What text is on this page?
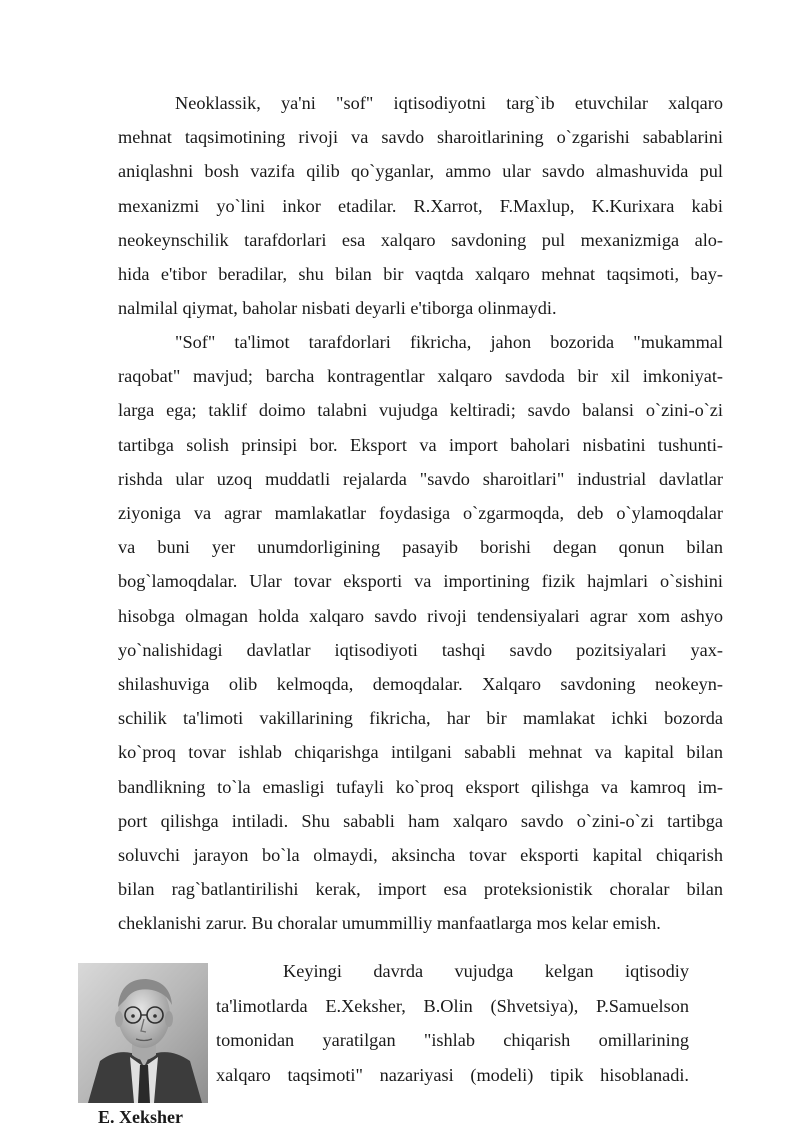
Neoklassik, ya'ni "sof" iqtisodiyotni targ`ib etuvchilar xalqaro
mehnat taqsimotining rivoji va savdo sharoitlarining o`zgarishi sabablarini
aniqlashni bosh vazifa qilib qo`yganlar, ammo ular savdo almashuvida pul
mexanizmi yo`lini inkor etadilar. R.Xarrot, F.Maxlup, K.Kurixara kabi
neokeynschilik tarafdorlari esa xalqaro savdoning pul mexanizmiga alo-
hida e'tibor beradilar, shu bilan bir vaqtda xalqaro mehnat taqsimoti, bay-
nalmilal qiymat, baholar nisbati deyarli e'tiborga olinmaydi.
"Sof" ta'limot tarafdorlari fikricha, jahon bozorida "mukammal
raqobat" mavjud; barcha kontragentlar xalqaro savdoda bir xil imkoniyat-
larga ega; taklif doimo talabni vujudga keltiradi; savdo balansi o`zini-o`zi
tartibga solish prinsipi bor. Eksport va import baholari nisbatini tushunti-
rishda ular uzoq muddatli rejalarda "savdo sharoitlari" industrial davlatlar
ziyoniga va agrar mamlakatlar foydasiga o`zgarmoqda, deb o`ylamoqdalar
va buni yer unumdorligining pasayib borishi degan qonun bilan
bog`lamoqdalar. Ular tovar eksporti va importining fizik hajmlari o`sishini
hisobga olmagan holda xalqaro savdo rivoji tendensiyalari agrar xom ashyo
yo`nalishidagi davlatlar iqtisodiyoti tashqi savdo pozitsiyalari yax-
shilashuviga olib kelmoqda, demoqdalar. Xalqaro savdoning neokeyn-
schilik ta'limoti vakillarining fikricha, har bir mamlakat ichki bozorda
ko`proq tovar ishlab chiqarishga intilgani sababli mehnat va kapital bilan
bandlikning to`la emasligi tufayli ko`proq eksport qilishga va kamroq im-
port qilishga intiladi. Shu sababli ham xalqaro savdo o`zini-o`zi tartibga
soluvchi jarayon bo`la olmaydi, aksincha tovar eksporti kapital chiqarish
bilan rag`batlantirilishi kerak, import esa proteksionistik choralar bilan
cheklanishi zarur. Bu choralar umummilliy manfaatlarga mos kelar emish.
Keyingi davrda vujudga kelgan iqtisodiy
ta'limotlarda E.Xeksher, B.Olin (Shvetsiya), P.Samuelson
tomonidan yaratilgan "ishlab chiqarish omillarining
xalqaro taqsimoti" nazariyasi (modeli) tipik hisoblanadi.
E. Xeksher
